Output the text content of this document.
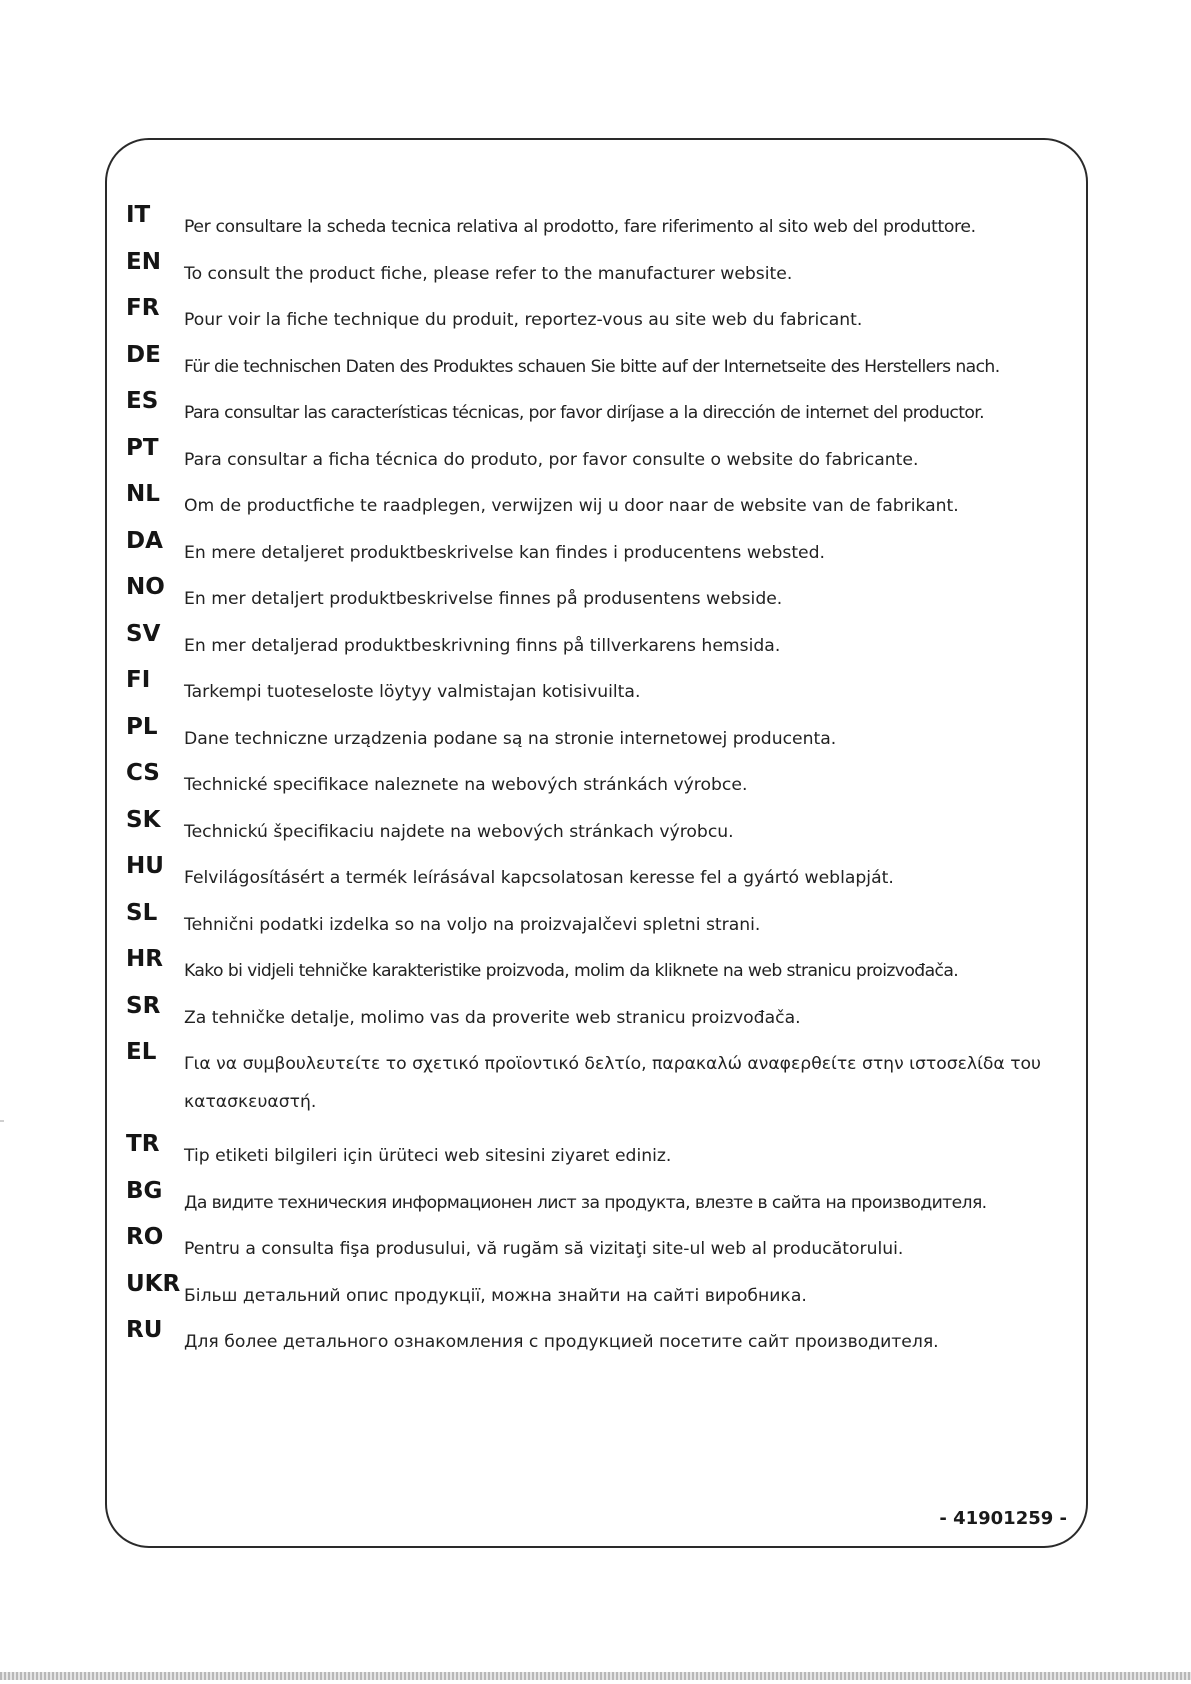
IT	Per consultare la scheda tecnica relativa al prodotto, fare riferimento al sito web del produttore.
EN	To consult the product fiche, please refer to the manufacturer website.
FR	Pour voir la fiche technique du produit, reportez-vous au site web du fabricant.
DE	Für die technischen Daten des Produktes schauen Sie bitte auf der Internetseite des Herstellers nach.
ES	Para consultar las características técnicas, por favor diríjase a la dirección de internet del productor.
PT	Para consultar a ficha técnica do produto, por favor consulte o website do fabricante.
NL	Om de productfiche te raadplegen, verwijzen wij u door naar de website van de fabrikant.
DA	En mere detaljeret produktbeskrivelse kan findes i producentens websted.
NO	En mer detaljert produktbeskrivelse finnes på produsentens webside.
SV	En mer detaljerad produktbeskrivning finns på tillverkarens hemsida.
FI	Tarkempi tuoteseloste löytyy valmistajan kotisivuilta.
PL	Dane techniczne urządzenia podane są na stronie internetowej producenta.
CS	Technické specifikace naleznete na webových stránkách výrobce.
SK	Technickú špecifikaciu najdete na webových stránkach výrobcu.
HU	Felvilágosításért a termék leírásával kapcsolatosan keresse fel a gyártó weblapját.
SL	Tehnični podatki izdelka so na voljo na proizvajalčevi spletni strani.
HR	Kako bi vidjeli tehničke karakteristike proizvoda, molim da kliknete na web stranicu proizvođača.
SR	Za tehničke detalje, molimo vas da proverite web stranicu proizvođača.
EL	Για να συμβουλευτείτε το σχετικό προϊοντικό δελτίο, παρακαλώ αναφερθείτε στην ιστοσελίδα του κατασκευαστή.
TR	Tip etiketi bilgileri için ürüteci web sitesini ziyaret ediniz.
BG	Да видите техническия информационен лист за продукта, влезте в сайта на производителя.
RO	Pentru a consulta fişa produsului, vă rugăm să vizitaţi site-ul web al producătorului.
UKR Більш детальний опис продукції, можна знайти на сайті виробника.
RU	Для более детального ознакомления с продукцией посетите сайт производителя.
- 41901259 -
